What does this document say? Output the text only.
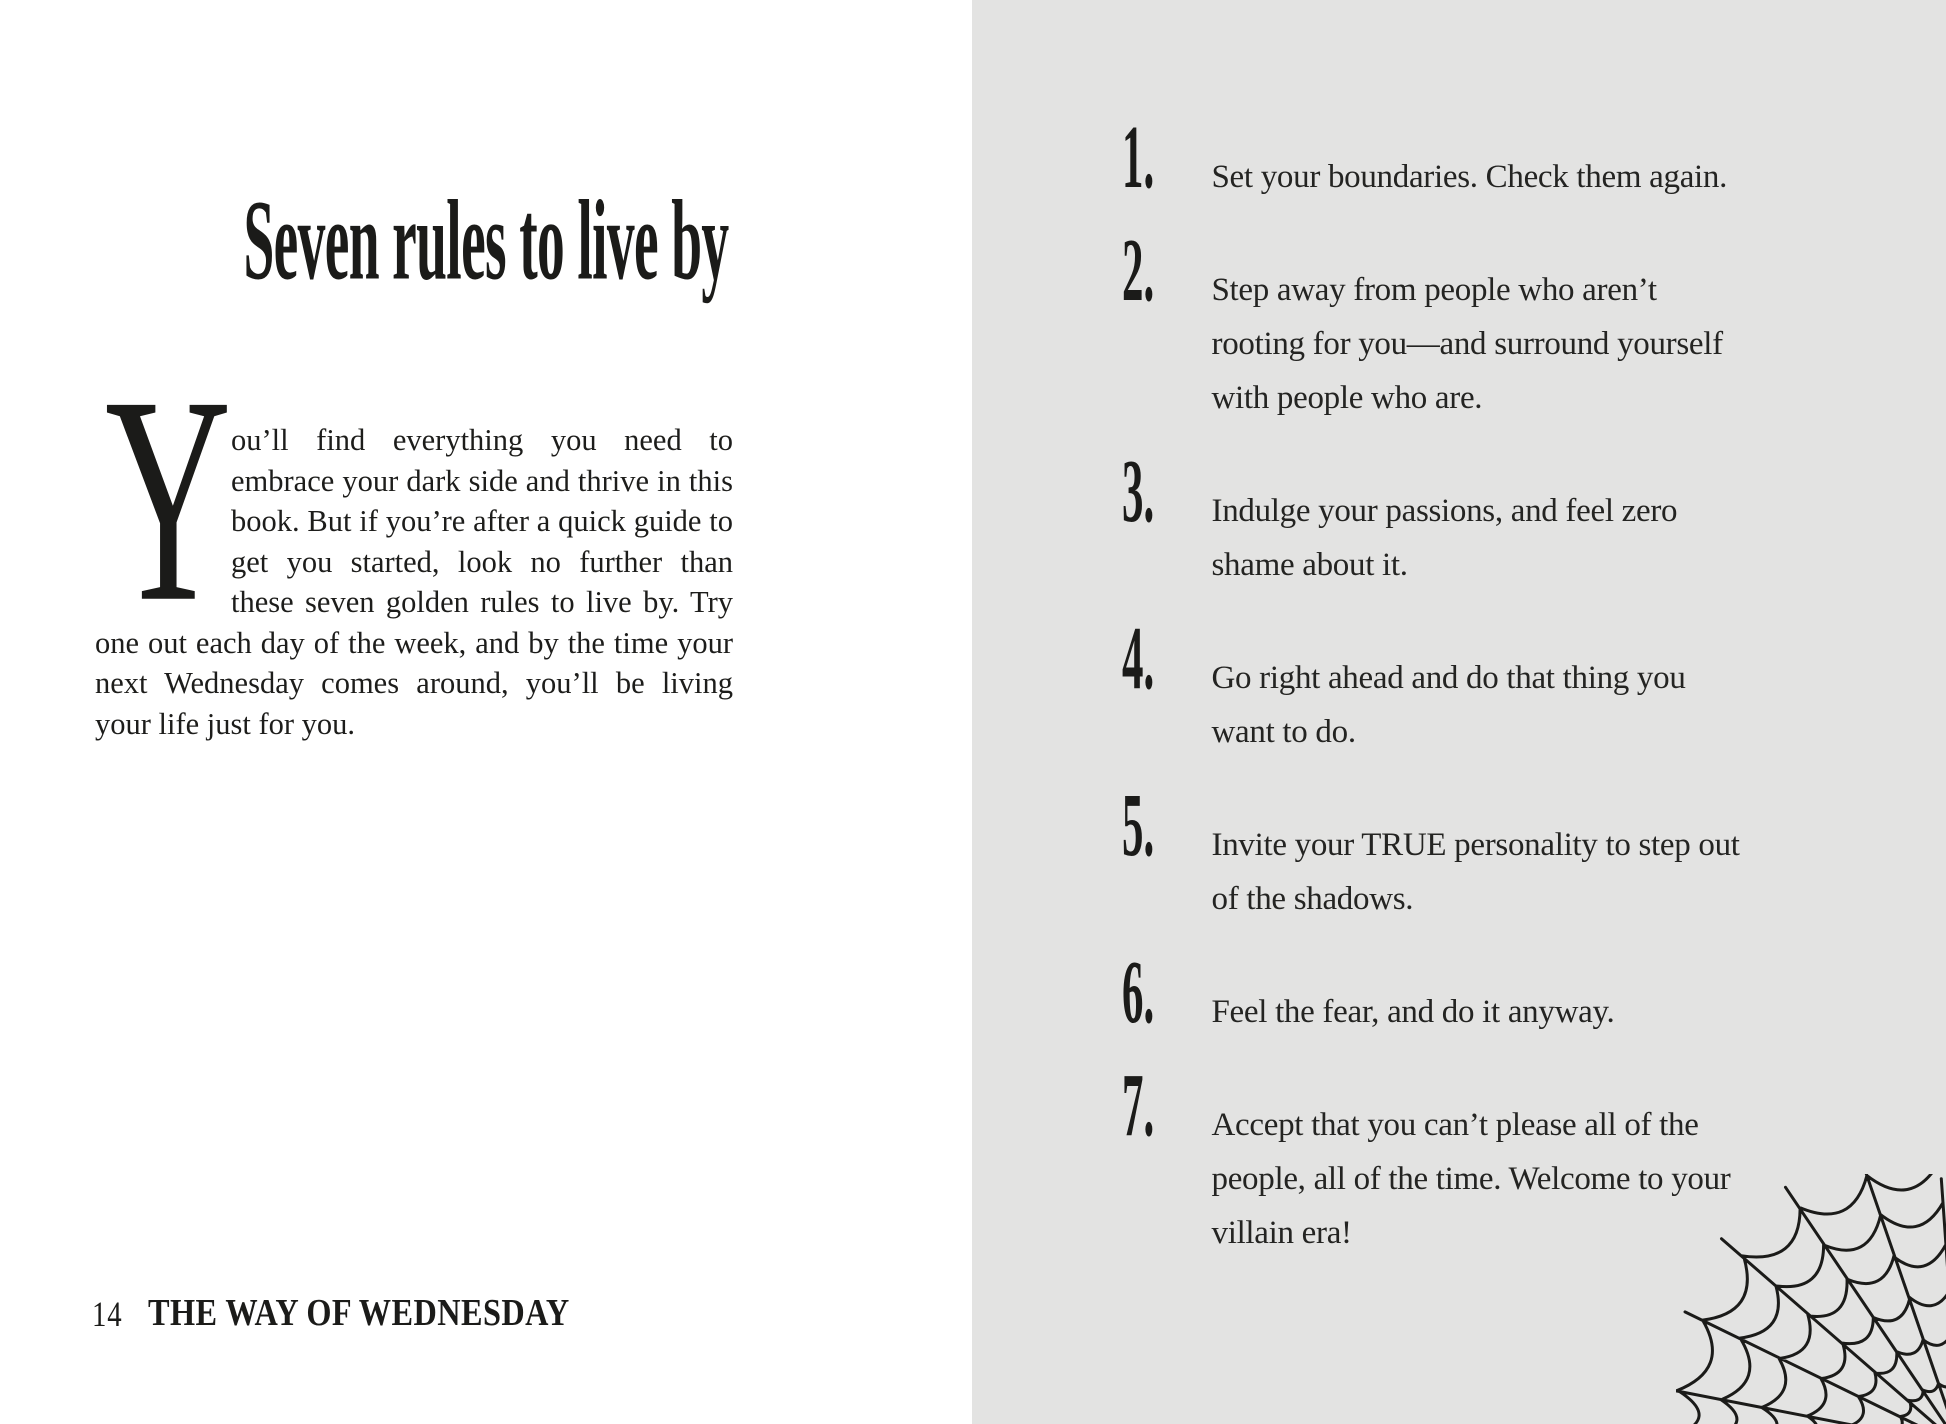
Seven rules to live by
Y ou’ll find everything you need to embrace your dark side and thrive in this book. But if you’re after a quick guide to get you started, look no further than these seven golden rules to live by. Try one out each day of the week, and by the time your next Wednesday comes around, you’ll be living your life just for you.
14 THE WAY OF WEDNESDAY
1. Set your boundaries. Check them again.
2. Step away from people who aren’t rooting for you—and surround yourself with people who are.
3. Indulge your passions, and feel zero shame about it.
4. Go right ahead and do that thing you want to do.
5. Invite your TRUE personality to step out of the shadows.
6. Feel the fear, and do it anyway.
7. Accept that you can’t please all of the people, all of the time. Welcome to your villain era!
